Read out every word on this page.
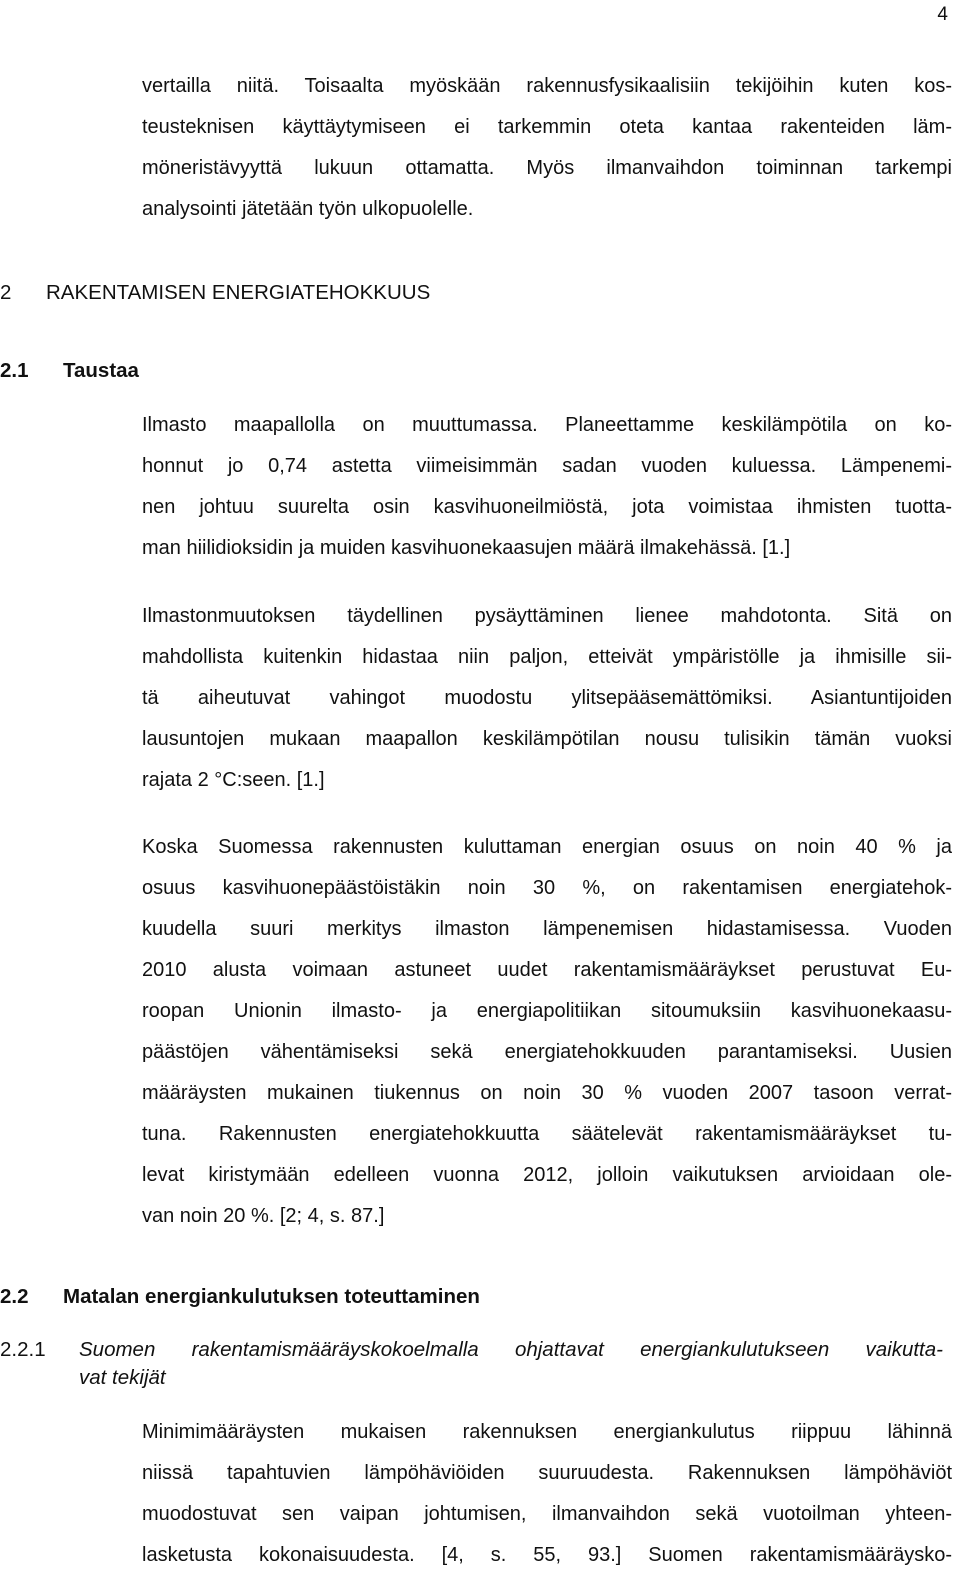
4
vertailla niitä. Toisaalta myöskään rakennusfysikaalisiin tekijöihin kuten kos-
teusteknisen käyttäytymiseen ei tarkemmin oteta kantaa rakenteiden läm-
möneristävyyttä lukuun ottamatta. Myös ilmanvaihdon toiminnan tarkempi
analysointi jätetään työn ulkopuolelle.
2 RAKENTAMISEN ENERGIATEHOKKUUS
2.1 Taustaa
Ilmasto maapallolla on muuttumassa. Planeettamme keskilämpötila on ko-
honnut jo 0,74 astetta viimeisimmän sadan vuoden kuluessa. Lämpenemi-
nen johtuu suurelta osin kasvihuoneilmiöstä, jota voimistaa ihmisten tuotta-
man hiilidioksidin ja muiden kasvihuonekaasujen määrä ilmakehässä. [1.]
Ilmastonmuutoksen täydellinen pysäyttäminen lienee mahdotonta. Sitä on
mahdollista kuitenkin hidastaa niin paljon, etteivät ympäristölle ja ihmisille sii-
tä aiheutuvat vahingot muodostu ylitsepääsemättömiksi. Asiantuntijoiden
lausuntojen mukaan maapallon keskilämpötilan nousu tulisikin tämän vuoksi
rajata 2 °C:seen. [1.]
Koska Suomessa rakennusten kuluttaman energian osuus on noin 40 % ja
osuus kasvihuonepäästöistäkin noin 30 %, on rakentamisen energiatehok-
kuudella suuri merkitys ilmaston lämpenemisen hidastamisessa. Vuoden
2010 alusta voimaan astuneet uudet rakentamismääräykset perustuvat Eu-
roopan Unionin ilmasto- ja energiapolitiikan sitoumuksiin kasvihuonekaasu-
päästöjen vähentämiseksi sekä energiatehokkuuden parantamiseksi. Uusien
määräysten mukainen tiukennus on noin 30 % vuoden 2007 tasoon verrat-
tuna. Rakennusten energiatehokkuutta säätelevät rakentamismääräykset tu-
levat kiristymään edelleen vuonna 2012, jolloin vaikutuksen arvioidaan ole-
van noin 20 %. [2; 4, s. 87.]
2.2 Matalan energiankulutuksen toteuttaminen
2.2.1 Suomen rakentamismääräyskokoelmalla ohjattavat energiankulutukseen vaikutta-
vat tekijät
Minimimääräysten mukaisen rakennuksen energiankulutus riippuu lähinnä
niissä tapahtuvien lämpöhäviöiden suuruudesta. Rakennuksen lämpöhäviöt
muodostuvat sen vaipan johtumisen, ilmanvaihdon sekä vuotoilman yhteen-
lasketusta kokonaisuudesta. [4, s. 55, 93.] Suomen rakentamismääräysko-
